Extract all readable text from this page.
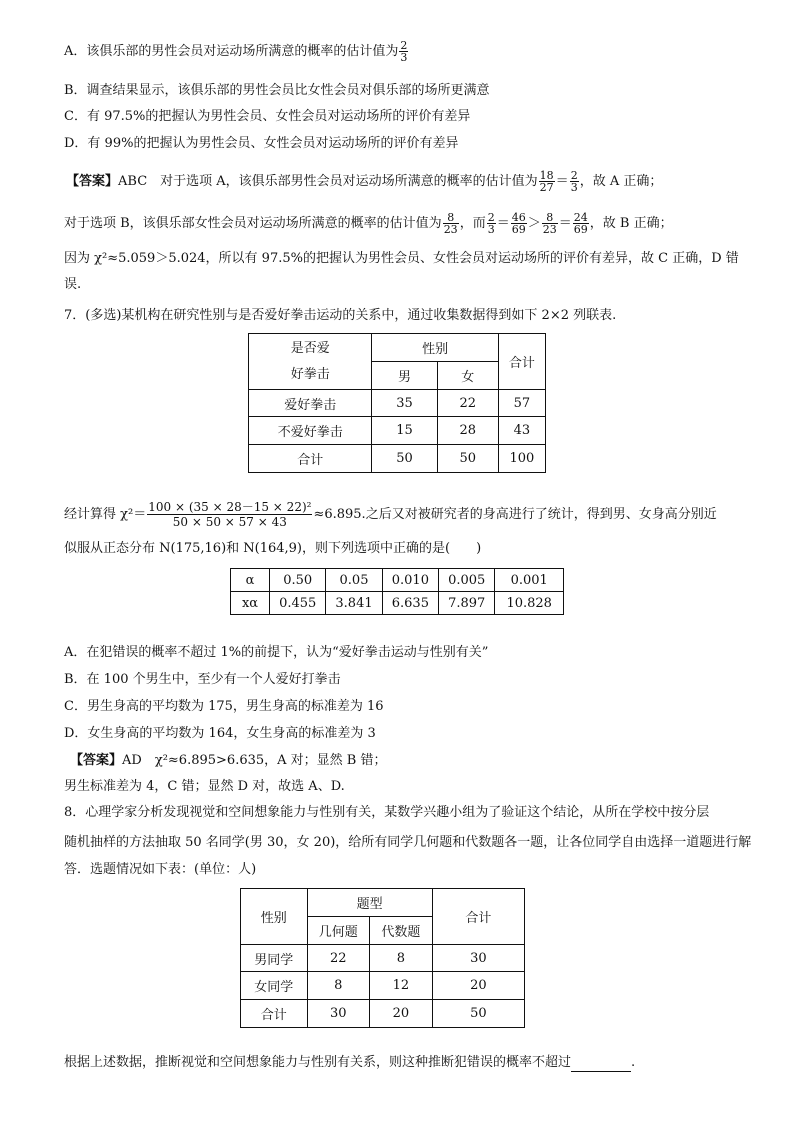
A．该俱乐部的男性会员对运动场所满意的概率的估计值为 $\frac{2}{3}$
B．调查结果显示，该俱乐部的男性会员比女性会员对俱乐部的场所更满意
C．有 97.5%的把握认为男性会员、女性会员对运动场所的评价有差异
D．有 99%的把握认为男性会员、女性会员对运动场所的评价有差异
【答案】ABC　对于选项 A，该俱乐部男性会员对运动场所满意的概率的估计值为 $\frac{18}{27} = \frac{2}{3}$ ，故 A 正确；
对于选项 B，该俱乐部女性会员对运动场所满意的概率的估计值为 $\frac{8}{23}$ ，而 $\frac{2}{3} = \frac{46}{69} > \frac{8}{23} = \frac{24}{69}$ ，故 B 正确；
因为 χ²≈5.059＞5.024，所以有 97.5%的把握认为男性会员、女性会员对运动场所的评价有差异，故 C 正确，D 错
误.
7．(多选)某机构在研究性别与是否爱好拳击运动的关系中，通过收集数据得到如下 2×2 列联表.
是否爱
好拳击	性别		合计
	男	女	
爱好拳击	35	22	57
不爱好拳击	15	28	43
合计	50	50	100
经计算得 $\chi^2= \frac{\text{100 × (35 × 28－15 × 22)²}}{50 \times 50 \times 57 \times 43} \approx 6.895$.之后又对被研究者的身高进行了统计，得到男、女身高分别近
似服从正态分布 N(175,16)和 N(164,9)，则下列选项中正确的是(　　)
α	0.50	0.05	0.010	0.005	0.001
xα	0.455	3.841	6.635	7.897	10.828
A．在犯错误的概率不超过 1%的前提下，认为“爱好拳击运动与性别有关”
B．在 100 个男生中，至少有一个人爱好打拳击
C．男生身高的平均数为 175，男生身高的标准差为 16
D．女生身高的平均数为 164，女生身高的标准差为 3
【答案】AD　χ²≈6.895>6.635，A 对；显然 B 错；
男生标准差为 4，C 错；显然 D 对，故选 A、D.
8．心理学家分析发现视觉和空间想象能力与性别有关，某数学兴趣小组为了验证这个结论，从所在学校中按分层
随机抽样的方法抽取 50 名同学(男 30，女 20)，给所有同学几何题和代数题各一题，让各位同学自由选择一道题进行解
答．选题情况如下表：(单位：人)
性别	题型		合计
	几何题	代数题	
男同学	22	8	30
女同学	8	12	20
合计	30	20	50
根据上述数据，推断视觉和空间想象能力与性别有关系，则这种推断犯错误的概率不超过	.
